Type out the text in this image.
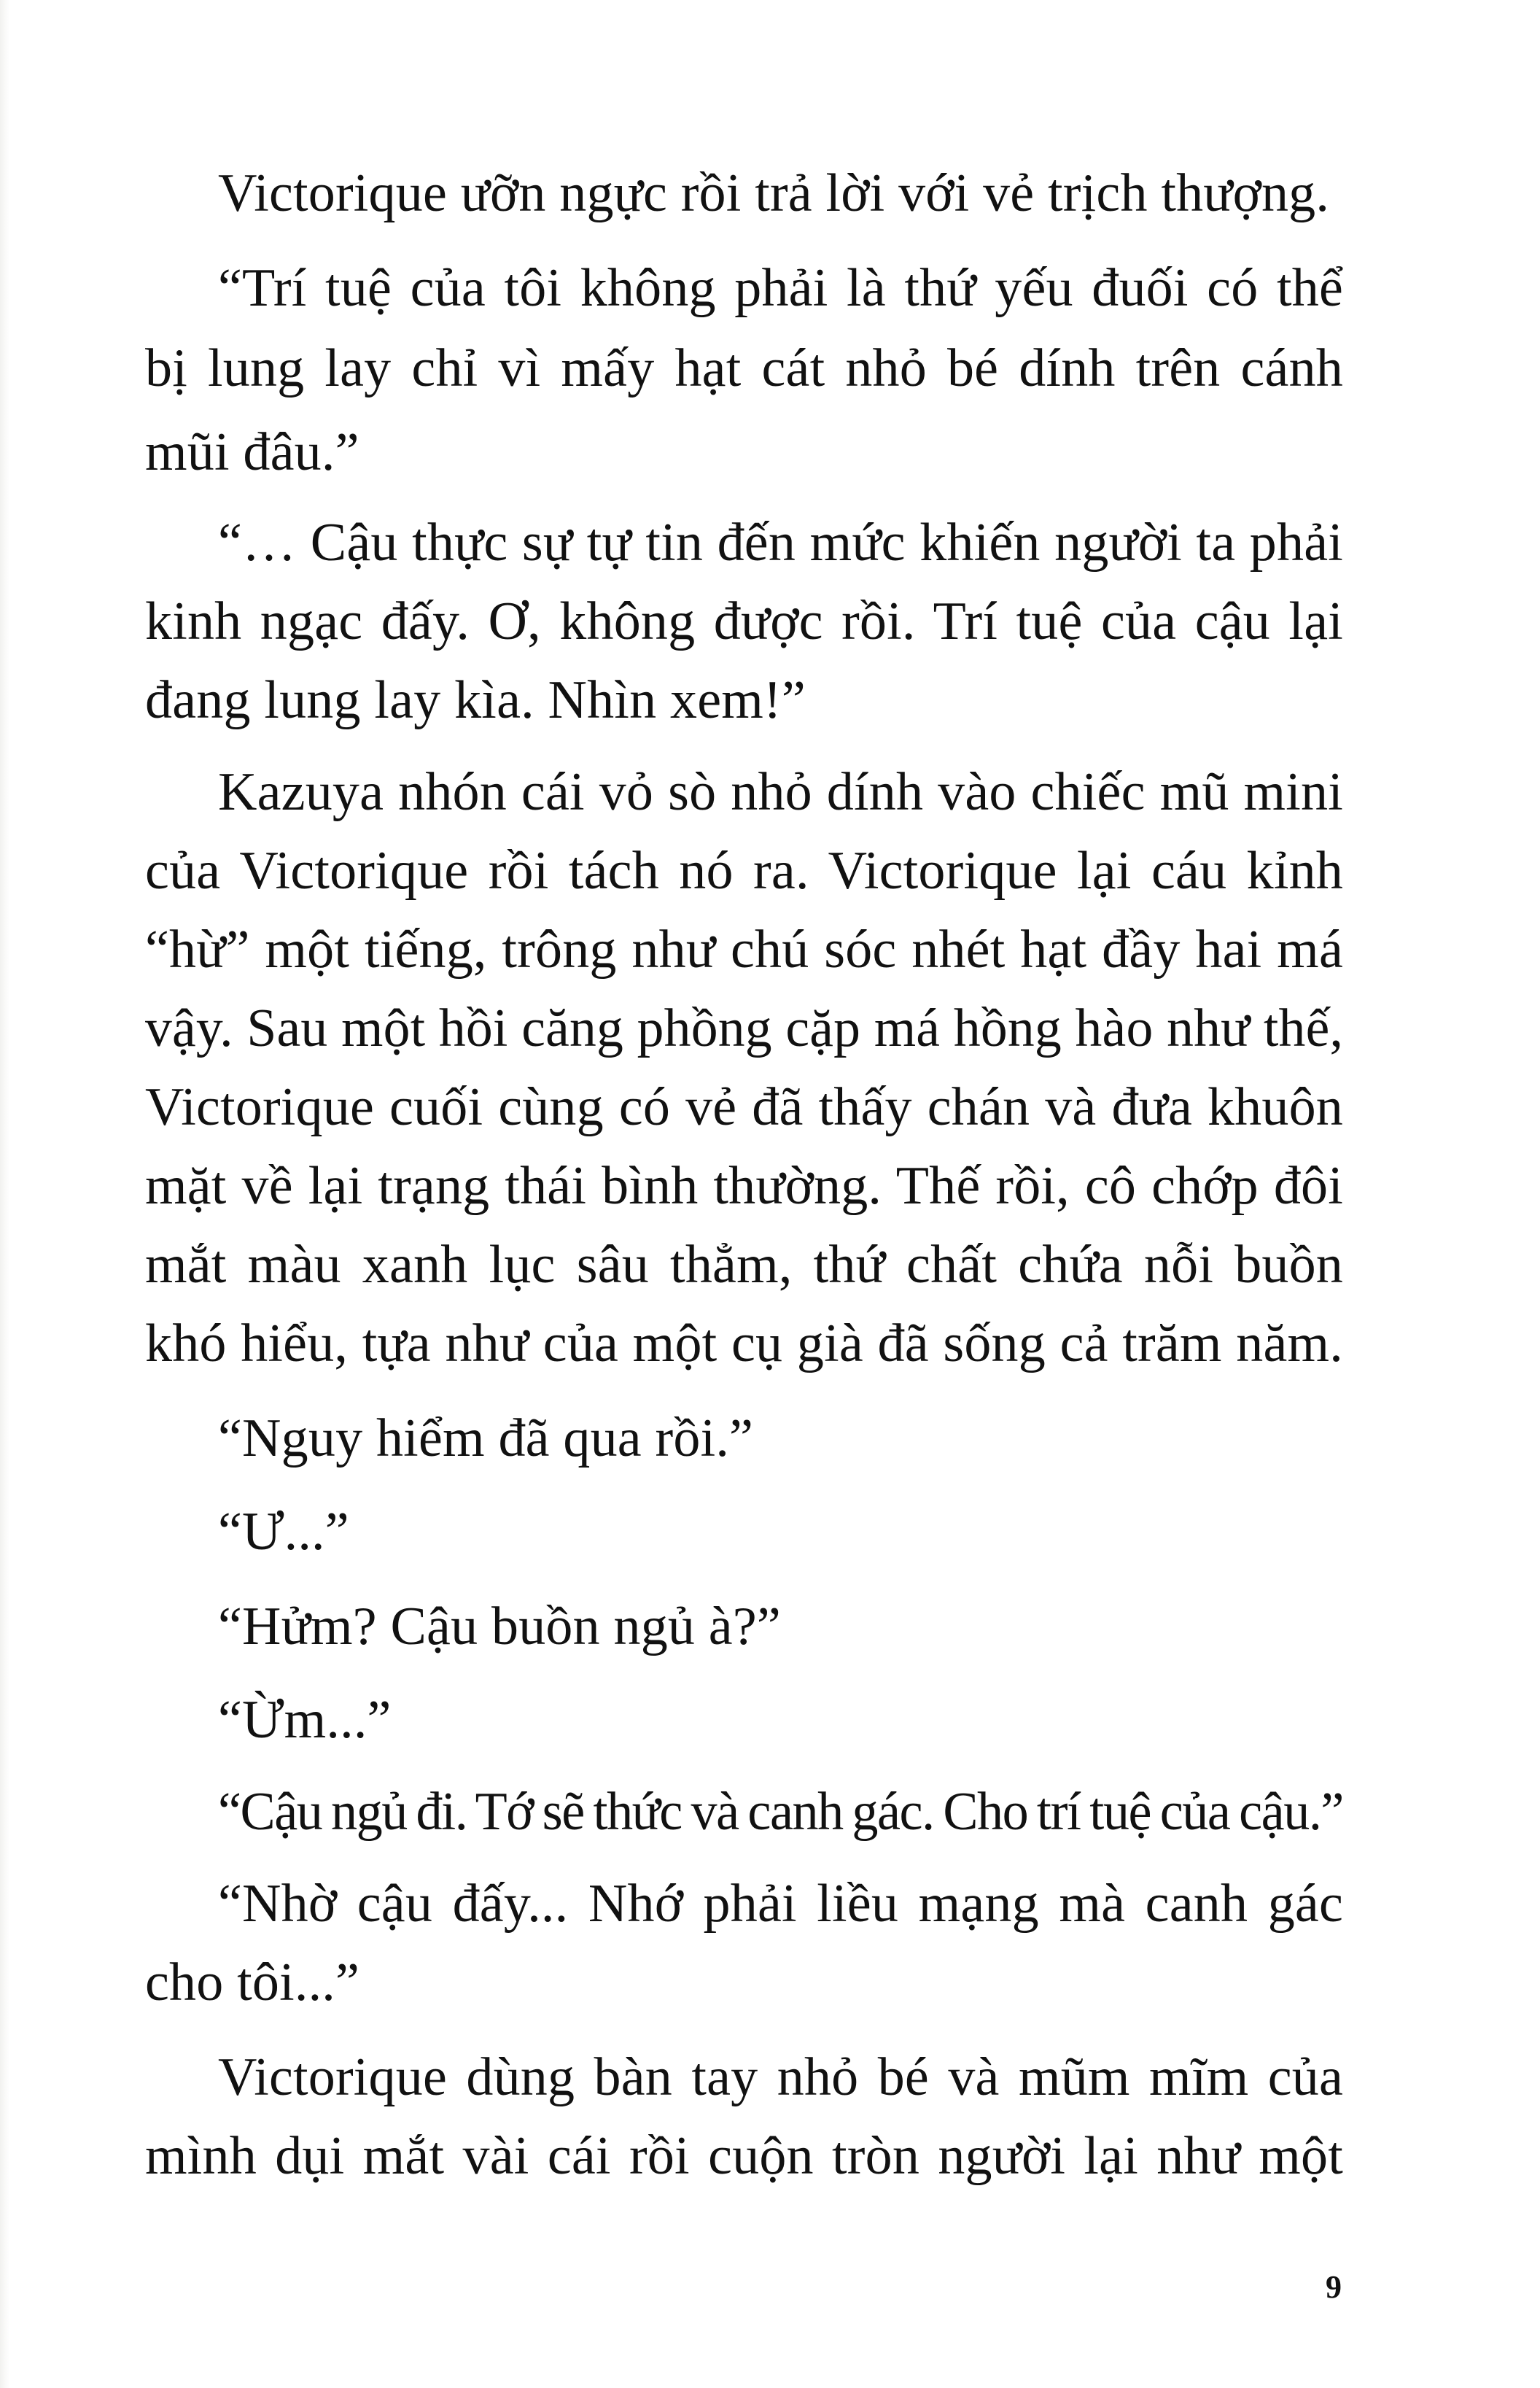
Victorique ưỡn ngực rồi trả lời với vẻ trịch thượng.
“Trí tuệ của tôi không phải là thứ yếu đuối có thể
bị lung lay chỉ vì mấy hạt cát nhỏ bé dính trên cánh
mũi đâu.”
“… Cậu thực sự tự tin đến mức khiến người ta phải
kinh ngạc đấy. Ơ, không được rồi. Trí tuệ của cậu lại
đang lung lay kìa. Nhìn xem!”
Kazuya nhón cái vỏ sò nhỏ dính vào chiếc mũ mini
của Victorique rồi tách nó ra. Victorique lại cáu kỉnh
“hừ” một tiếng, trông như chú sóc nhét hạt đầy hai má
vậy. Sau một hồi căng phồng cặp má hồng hào như thế,
Victorique cuối cùng có vẻ đã thấy chán và đưa khuôn
mặt về lại trạng thái bình thường. Thế rồi, cô chớp đôi
mắt màu xanh lục sâu thẳm, thứ chất chứa nỗi buồn
khó hiểu, tựa như của một cụ già đã sống cả trăm năm.
“Nguy hiểm đã qua rồi.”
“Ư...”
“Hửm? Cậu buồn ngủ à?”
“Ừm...”
“Cậu ngủ đi. Tớ sẽ thức và canh gác. Cho trí tuệ của cậu.”
“Nhờ cậu đấy... Nhớ phải liều mạng mà canh gác
cho tôi...”
Victorique dùng bàn tay nhỏ bé và mũm mĩm của
mình dụi mắt vài cái rồi cuộn tròn người lại như một
9
